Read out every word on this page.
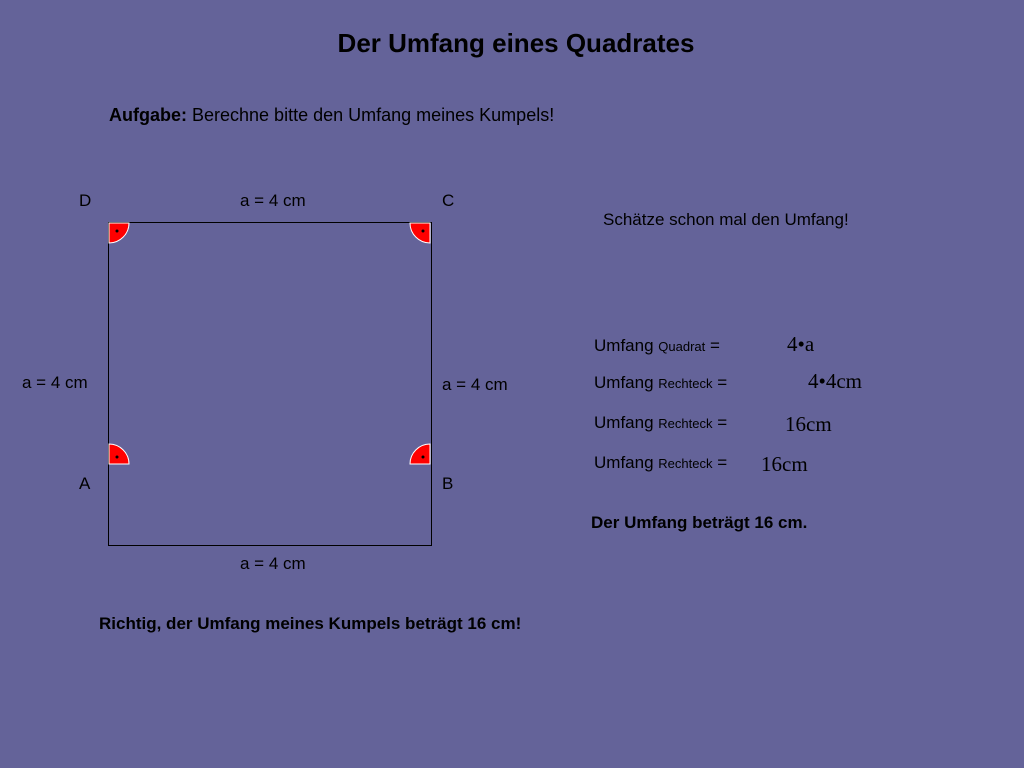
Der Umfang eines Quadrates
Aufgabe: Berechne bitte den Umfang meines Kumpels!
D	C
A	B
a = 4 cm
a = 4 cm
a = 4 cm	a = 4 cm
Schätze schon mal den Umfang!
Umfang Quadrat =	4•a
Umfang Rechteck =	4•4cm
Umfang Rechteck =	16cm
Umfang Rechteck = 16cm
Der Umfang beträgt 16 cm.
Richtig, der Umfang meines Kumpels beträgt 16 cm!
